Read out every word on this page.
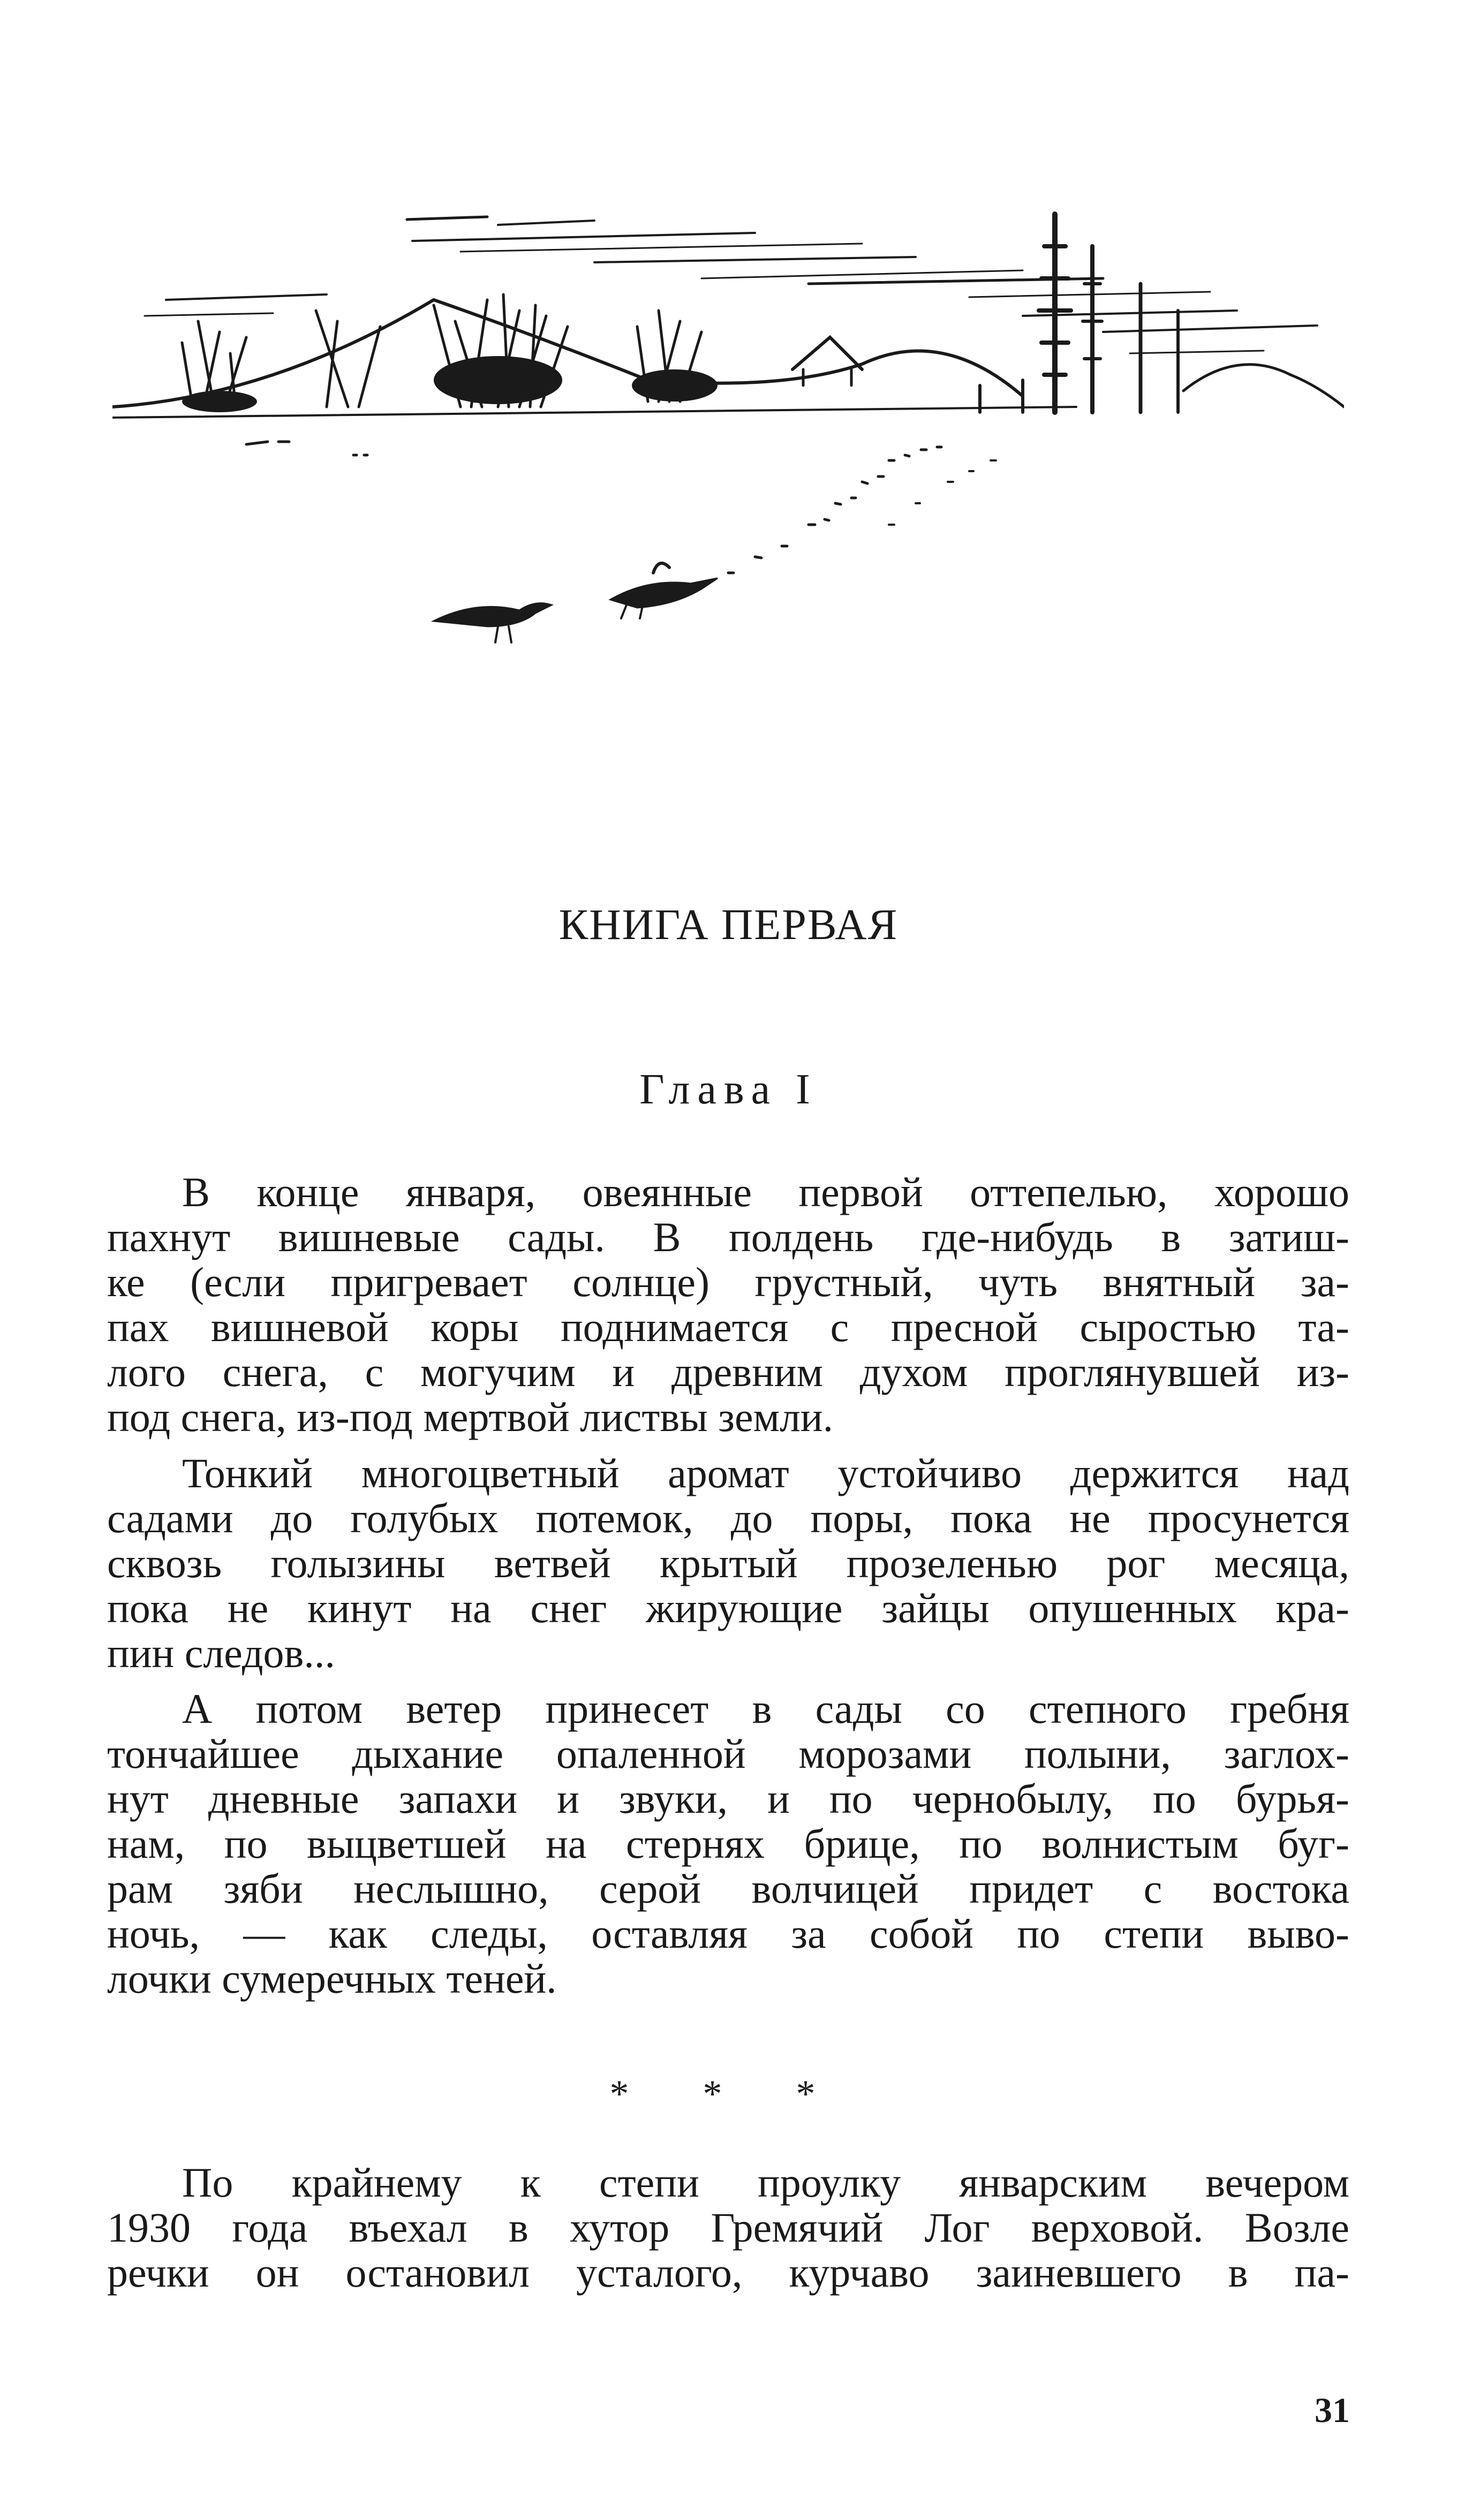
КНИГА ПЕРВАЯ
Глава I
В конце января, овеянные первой оттепелью, хорошо
пахнут вишневые сады. В полдень где-нибудь в затиш-
ке (если пригревает солнце) грустный, чуть внятный за-
пах вишневой коры поднимается с пресной сыростью та-
лого снега, с могучим и древним духом проглянувшей из-
под снега, из-под мертвой листвы земли.
Тонкий многоцветный аромат устойчиво держится над
садами до голубых потемок, до поры, пока не просунется
сквозь голызины ветвей крытый прозеленью рог месяца,
пока не кинут на снег жирующие зайцы опушенных кра-
пин следов...
А потом ветер принесет в сады со степного гребня
тончайшее дыхание опаленной морозами полыни, заглох-
нут дневные запахи и звуки, и по чернобылу, по бурья-
нам, по выцветшей на стернях брице, по волнистым буг-
рам зяби неслышно, серой волчицей придет с востока
ночь, — как следы, оставляя за собой по степи выво-
лочки сумеречных теней.
* * *
По крайнему к степи проулку январским вечером
1930 года въехал в хутор Гремячий Лог верховой. Возле
речки он остановил усталого, курчаво заиневшего в па-
31
